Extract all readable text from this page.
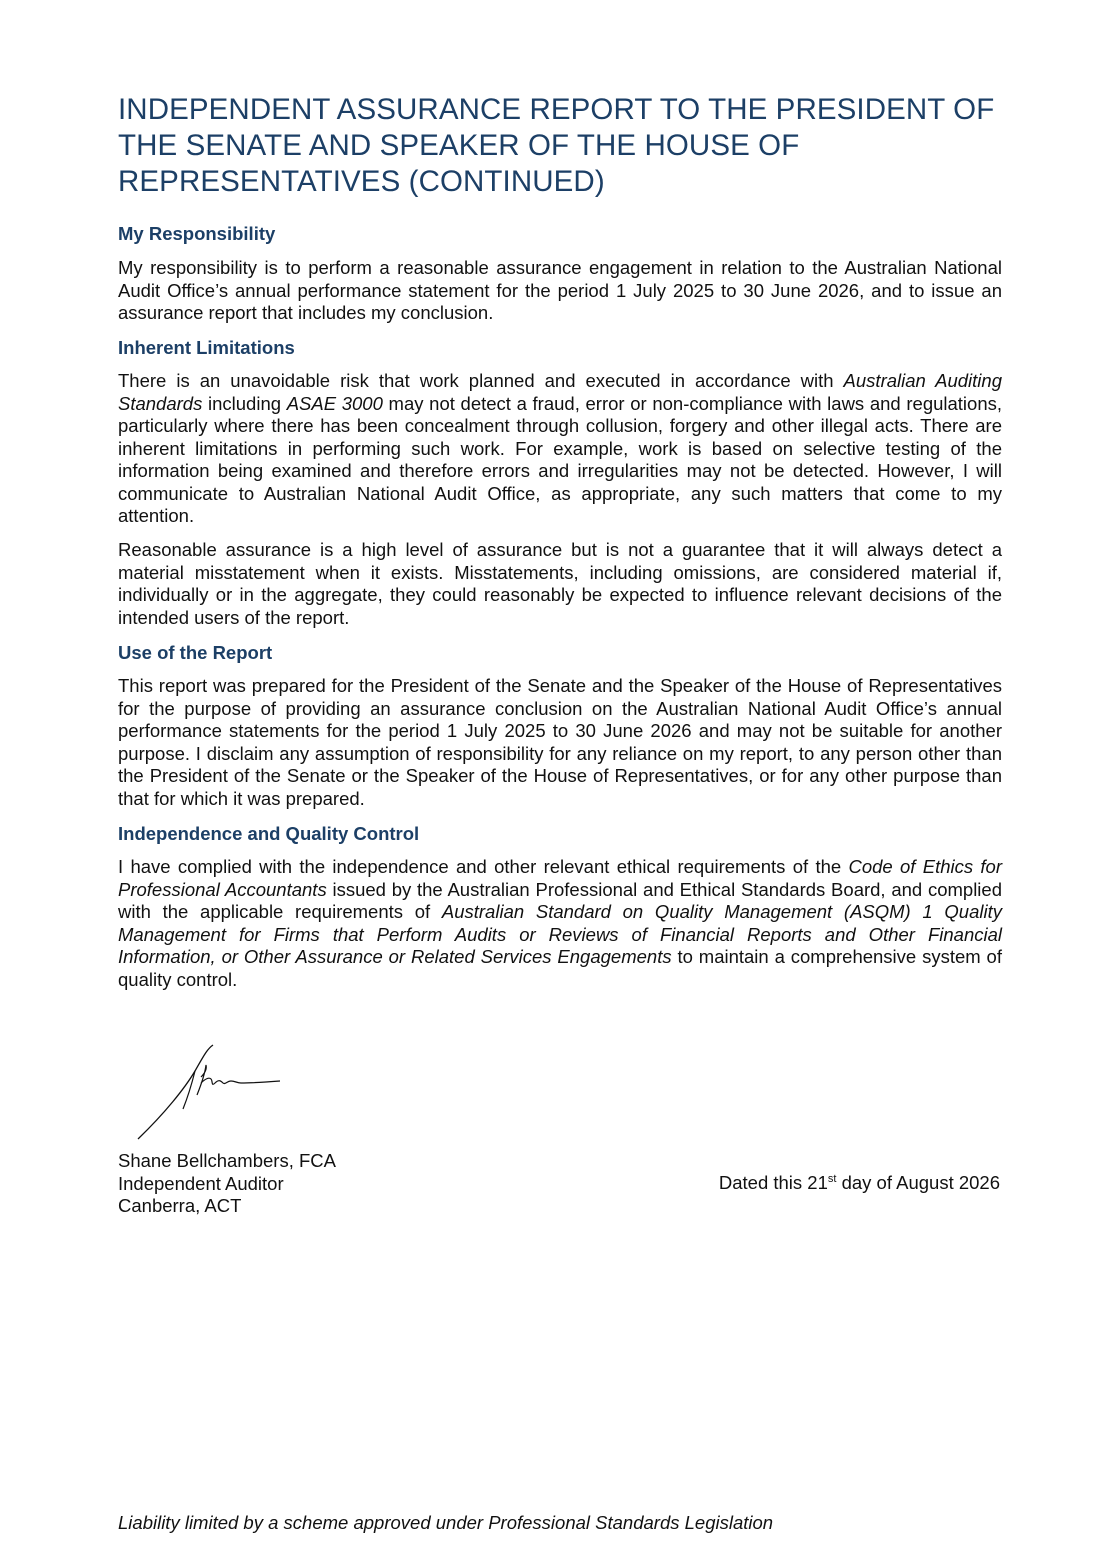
INDEPENDENT ASSURANCE REPORT TO THE PRESIDENT OF THE SENATE AND SPEAKER OF THE HOUSE OF REPRESENTATIVES (CONTINUED)
My Responsibility

My responsibility is to perform a reasonable assurance engagement in relation to the Australian National Audit Office’s annual performance statement for the period 1 July 2025 to 30 June 2026, and to issue an assurance report that includes my conclusion.

Inherent Limitations

There is an unavoidable risk that work planned and executed in accordance with Australian Auditing Standards including ASAE 3000 may not detect a fraud, error or non-compliance with laws and regulations, particularly where there has been concealment through collusion, forgery and other illegal acts. There are inherent limitations in performing such work. For example, work is based on selective testing of the information being examined and therefore errors and irregularities may not be detected. However, I will communicate to Australian National Audit Office, as appropriate, any such matters that come to my attention.

Reasonable assurance is a high level of assurance but is not a guarantee that it will always detect a material misstatement when it exists. Misstatements, including omissions, are considered material if, individually or in the aggregate, they could reasonably be expected to influence relevant decisions of the intended users of the report.

Use of the Report

This report was prepared for the President of the Senate and the Speaker of the House of Representatives for the purpose of providing an assurance conclusion on the Australian National Audit Office’s annual performance statements for the period 1 July 2025 to 30 June 2026 and may not be suitable for another purpose. I disclaim any assumption of responsibility for any reliance on my report, to any person other than the President of the Senate or the Speaker of the House of Representatives, or for any other purpose than that for which it was prepared.

Independence and Quality Control

I have complied with the independence and other relevant ethical requirements of the Code of Ethics for Professional Accountants issued by the Australian Professional and Ethical Standards Board, and complied with the applicable requirements of Australian Standard on Quality Management (ASQM) 1 Quality Management for Firms that Perform Audits or Reviews of Financial Reports and Other Financial Information, or Other Assurance or Related Services Engagements to maintain a comprehensive system of quality control.

Shane Bellchambers, FCA
Independent Auditor
Canberra, ACT
Dated this 21st day of August 2026
Liability limited by a scheme approved under Professional Standards Legislation
